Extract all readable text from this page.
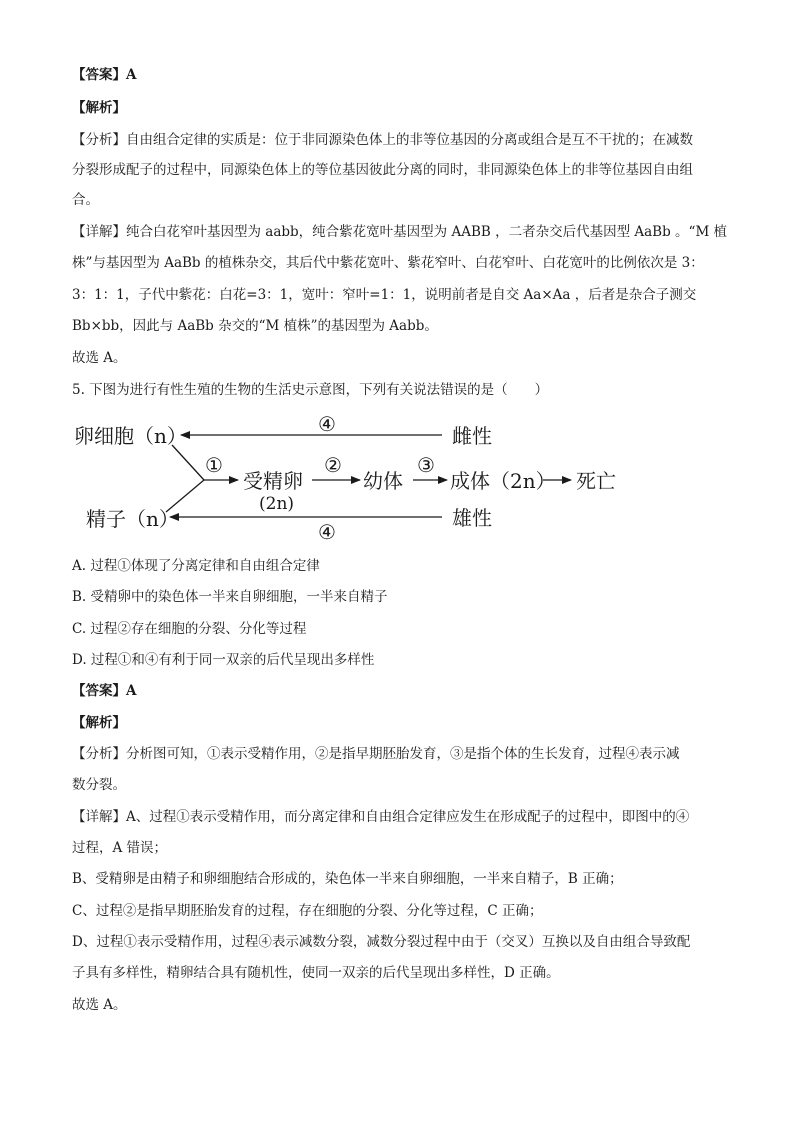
【答案】A
【解析】
【分析】自由组合定律的实质是：位于非同源染色体上的非等位基因的分离或组合是互不干扰的；在减数
分裂形成配子的过程中，同源染色体上的等位基因彼此分离的同时，非同源染色体上的非等位基因自由组
合。
【详解】纯合白花窄叶基因型为 aabb，纯合紫花宽叶基因型为 AABB ，二者杂交后代基因型 AaBb 。“M 植
株”与基因型为 AaBb 的植株杂交，其后代中紫花宽叶、紫花窄叶、白花窄叶、白花宽叶的比例依次是 3：
3：1：1，子代中紫花：白花=3：1，宽叶：窄叶=1：1，说明前者是自交 Aa×Aa ，后者是杂合子测交
Bb×bb，因此与 AaBb 杂交的“M 植株”的基因型为 Aabb。
故选 A。
5. 下图为进行有性生殖的生物的生活史示意图，下列有关说法错误的是（　　）
卵细胞（n）
精子（n）
雌性
雄性
受精卵	幼体 成体（2n） 死亡
④
④
①	②	③
(2n)
A. 过程①体现了分离定律和自由组合定律
B. 受精卵中的染色体一半来自卵细胞，一半来自精子
C. 过程②存在细胞的分裂、分化等过程
D. 过程①和④有利于同一双亲的后代呈现出多样性
【答案】A
【解析】
【分析】分析图可知，①表示受精作用，②是指早期胚胎发育，③是指个体的生长发育，过程④表示减
数分裂。
【详解】A、过程①表示受精作用，而分离定律和自由组合定律应发生在形成配子的过程中，即图中的④
过程，A 错误；
B、受精卵是由精子和卵细胞结合形成的，染色体一半来自卵细胞，一半来自精子，B 正确；
C、过程②是指早期胚胎发育的过程，存在细胞的分裂、分化等过程，C 正确；
D、过程①表示受精作用，过程④表示减数分裂，减数分裂过程中由于（交叉）互换以及自由组合导致配
子具有多样性，精卵结合具有随机性，使同一双亲的后代呈现出多样性，D 正确。
故选 A。
